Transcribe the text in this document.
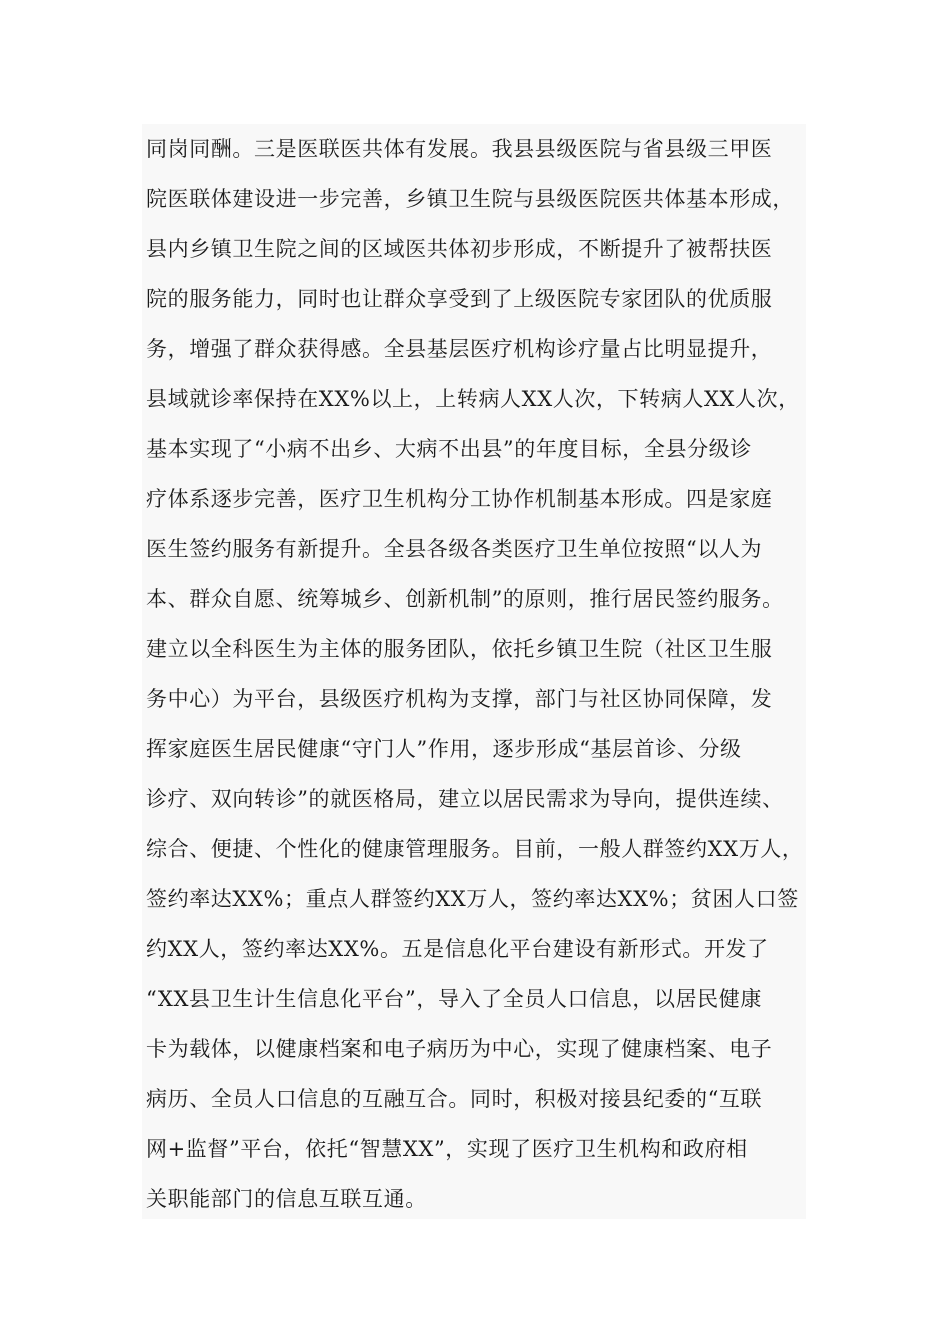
同岗同酬。三是医联医共体有发展。我县县级医院与省县级三甲医
院医联体建设进一步完善，乡镇卫生院与县级医院医共体基本形成，
县内乡镇卫生院之间的区域医共体初步形成，不断提升了被帮扶医
院的服务能力，同时也让群众享受到了上级医院专家团队的优质服
务，增强了群众获得感。全县基层医疗机构诊疗量占比明显提升，
县域就诊率保持在XX%以上，上转病人XX人次，下转病人XX人次，
基本实现了“小病不出乡、大病不出县”的年度目标，全县分级诊
疗体系逐步完善，医疗卫生机构分工协作机制基本形成。四是家庭
医生签约服务有新提升。全县各级各类医疗卫生单位按照“以人为
本、群众自愿、统筹城乡、创新机制”的原则，推行居民签约服务。
建立以全科医生为主体的服务团队，依托乡镇卫生院（社区卫生服
务中心）为平台，县级医疗机构为支撑，部门与社区协同保障，发
挥家庭医生居民健康“守门人”作用，逐步形成“基层首诊、分级
诊疗、双向转诊”的就医格局，建立以居民需求为导向，提供连续、
综合、便捷、个性化的健康管理服务。目前，一般人群签约XX万人，
签约率达XX%；重点人群签约XX万人，签约率达XX%；贫困人口签
约XX人，签约率达XX%。五是信息化平台建设有新形式。开发了
“XX县卫生计生信息化平台”，导入了全员人口信息，以居民健康
卡为载体，以健康档案和电子病历为中心，实现了健康档案、电子
病历、全员人口信息的互融互合。同时，积极对接县纪委的“互联
网+监督”平台，依托“智慧XX”，实现了医疗卫生机构和政府相
关职能部门的信息互联互通。
